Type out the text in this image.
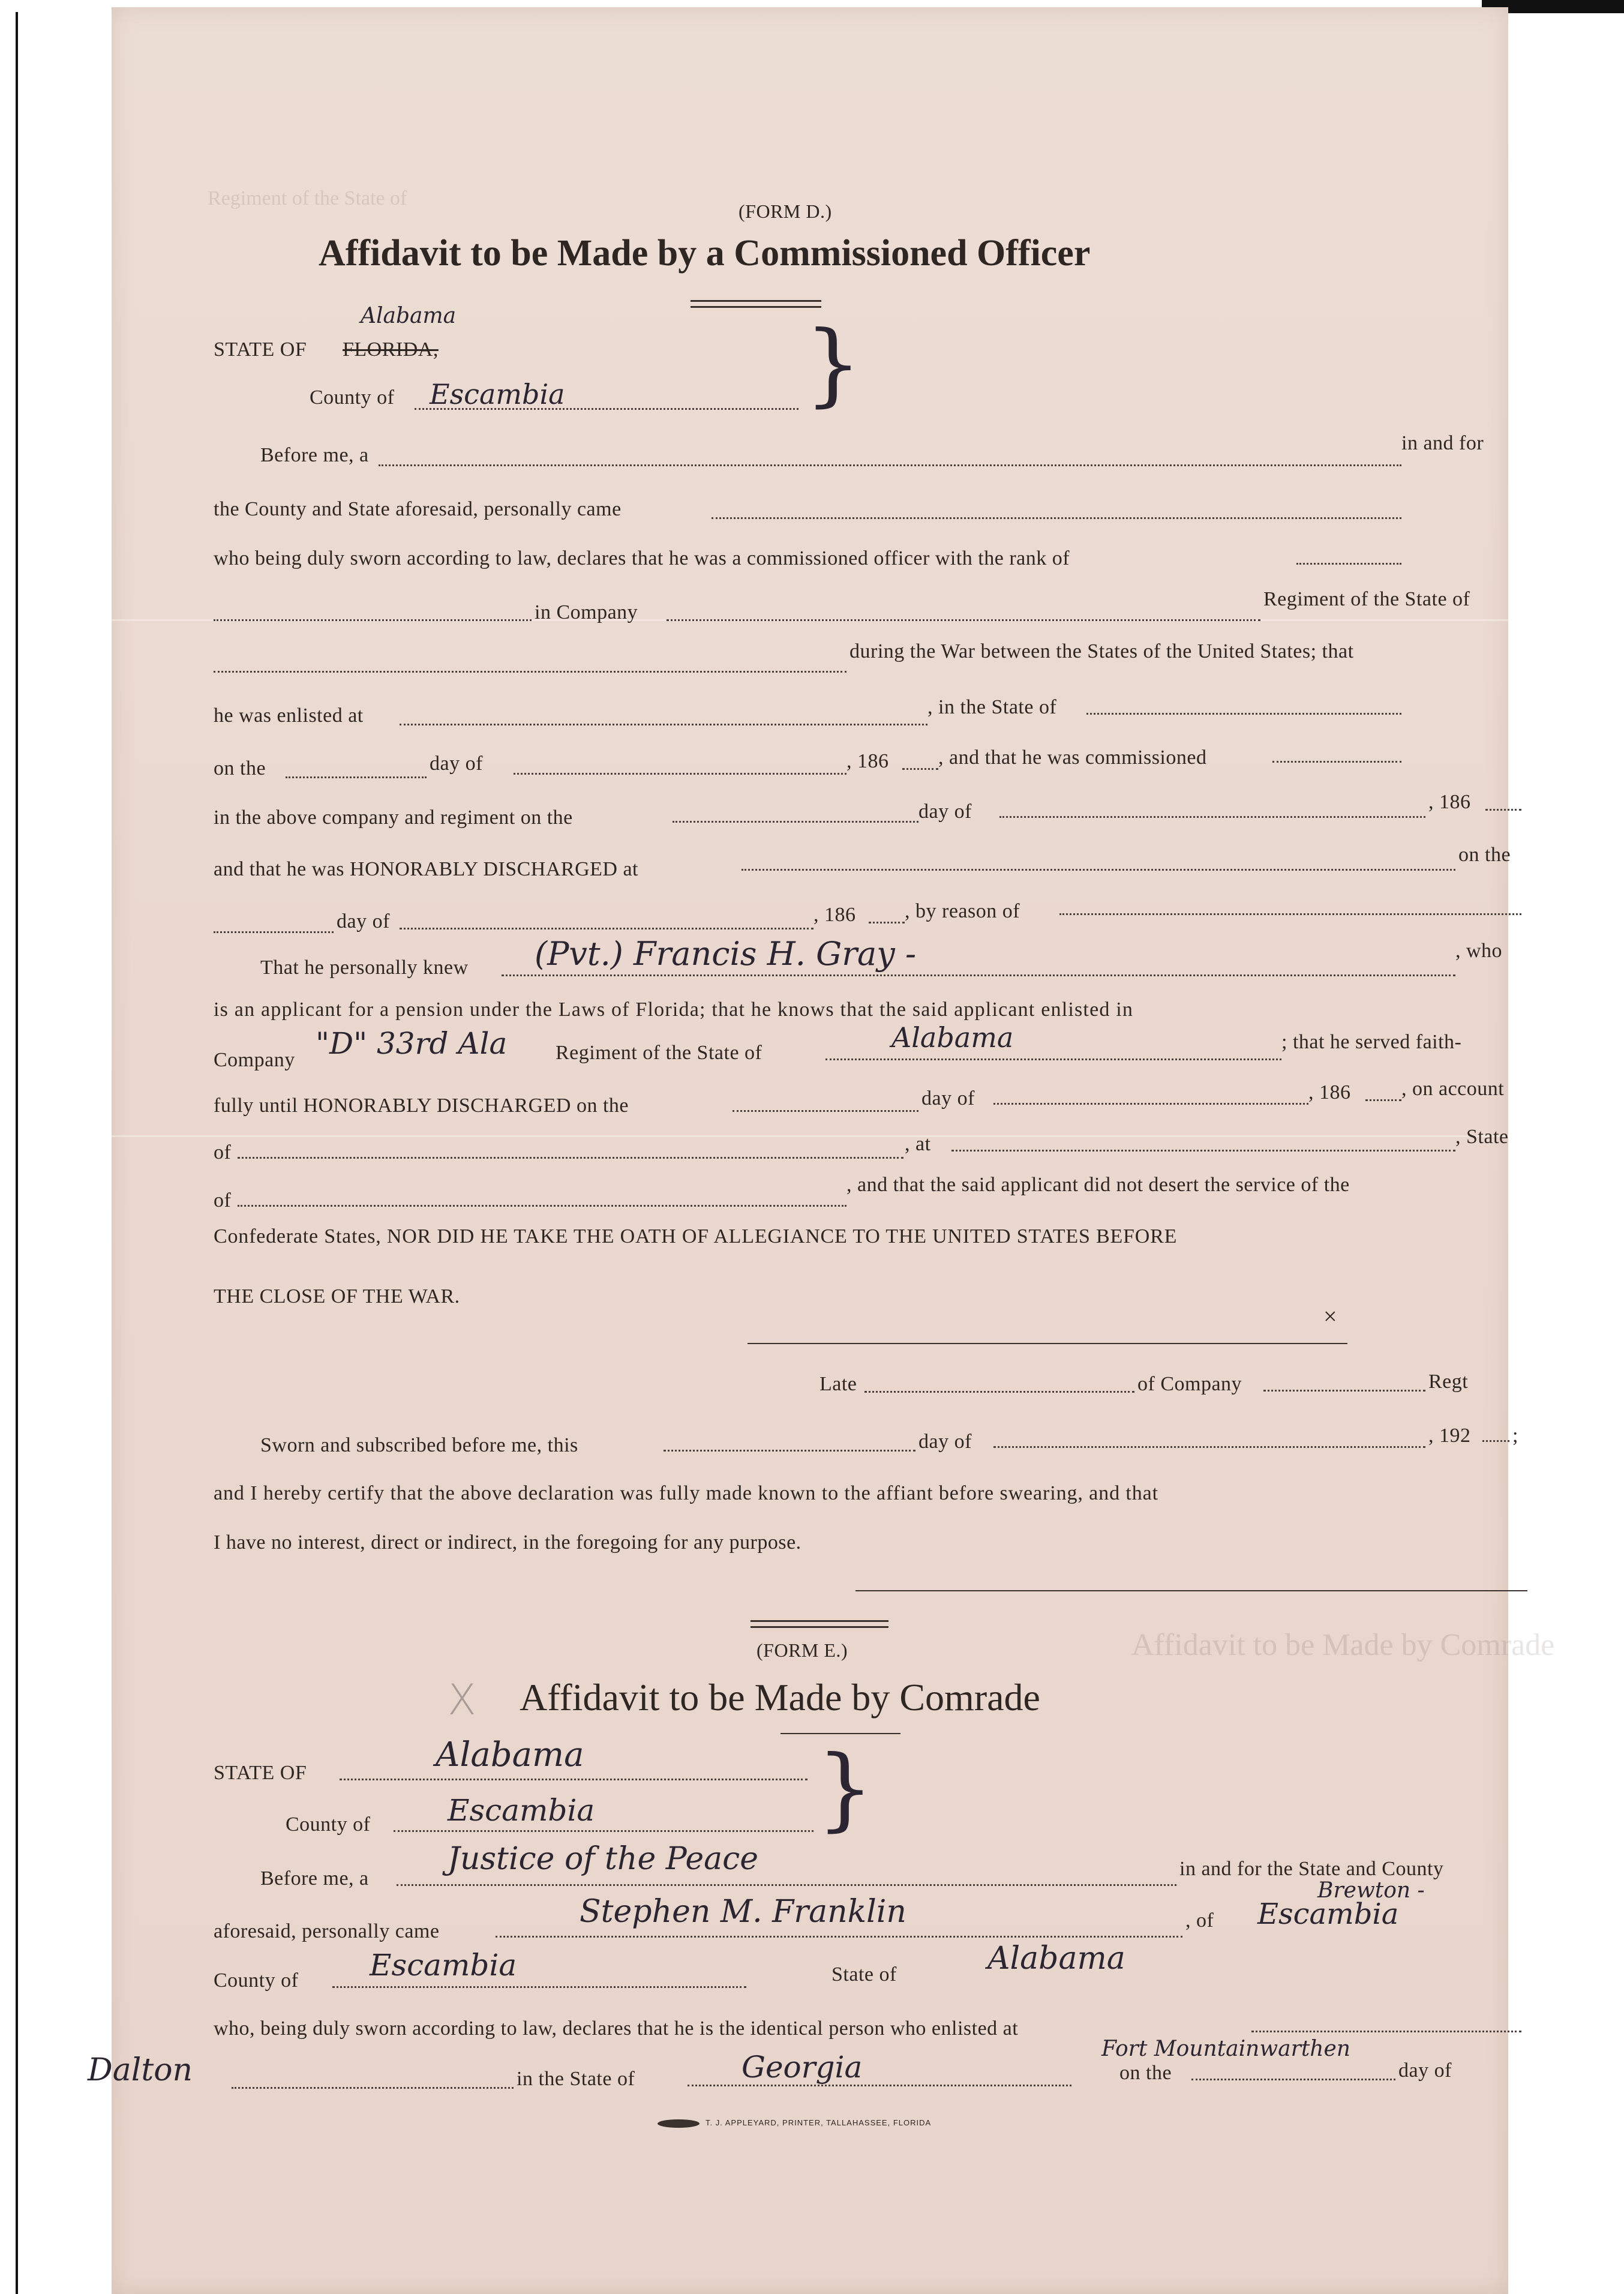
Regiment of the State of
Affidavit to be Made by Comrade
(FORM D.)
Affidavit to be Made by a Commissioned Officer
Alabama
STATE OF FLORIDA,	}
County of Escambia
Before me, a
in and for
the County and State aforesaid, personally came
who being duly sworn according to law, declares that he was a commissioned officer with the rank of
in Company
Regiment of the State of
during the War between the States of the United States; that
he was enlisted at	, in the State of
on the	day of	, 186 , and that he was commissioned
in the above company and regiment on the	day of	, 186
and that he was HONORABLY DISCHARGED at
on the
day of	, 186 , by reason of
That he personally knew (Pvt.) Francis H. Gray -	, who
is an applicant for a pension under the Laws of Florida; that he knows that the said applicant enlisted in
Company "D" 33rd Ala Regiment of the State of	Alabama	; that he served faith-
fully until HONORABLY DISCHARGED on the	day of	, 186 , on account
of	, at	, State
of
, and that the said applicant did not desert the service of the
Confederate States, NOR DID HE TAKE THE OATH OF ALLEGIANCE TO THE UNITED STATES BEFORE
THE CLOSE OF THE WAR.
×
Late	of Company	Regt
Sworn and subscribed before me, this	day of	, 192 ;
and I hereby certify that the above declaration was fully made known to the affiant before swearing, and that
I have no interest, direct or indirect, in the foregoing for any purpose.
(FORM E.)
X Affidavit to be Made by Comrade
STATE OF	Alabama	}
County of	Escambia
Before me, a
Justice of the Peace	in and for the State and County
Brewton -
aforesaid, personally came
Stephen M. Franklin	, of Escambia
County of Escambia	State of	Alabama
who, being duly sworn according to law, declares that he is the identical person who enlisted at
Fort Mountainwarthen
Dalton	in the State of	Georgia	on the	day of
T. J. APPLEYARD, PRINTER, TALLAHASSEE, FLORIDA
